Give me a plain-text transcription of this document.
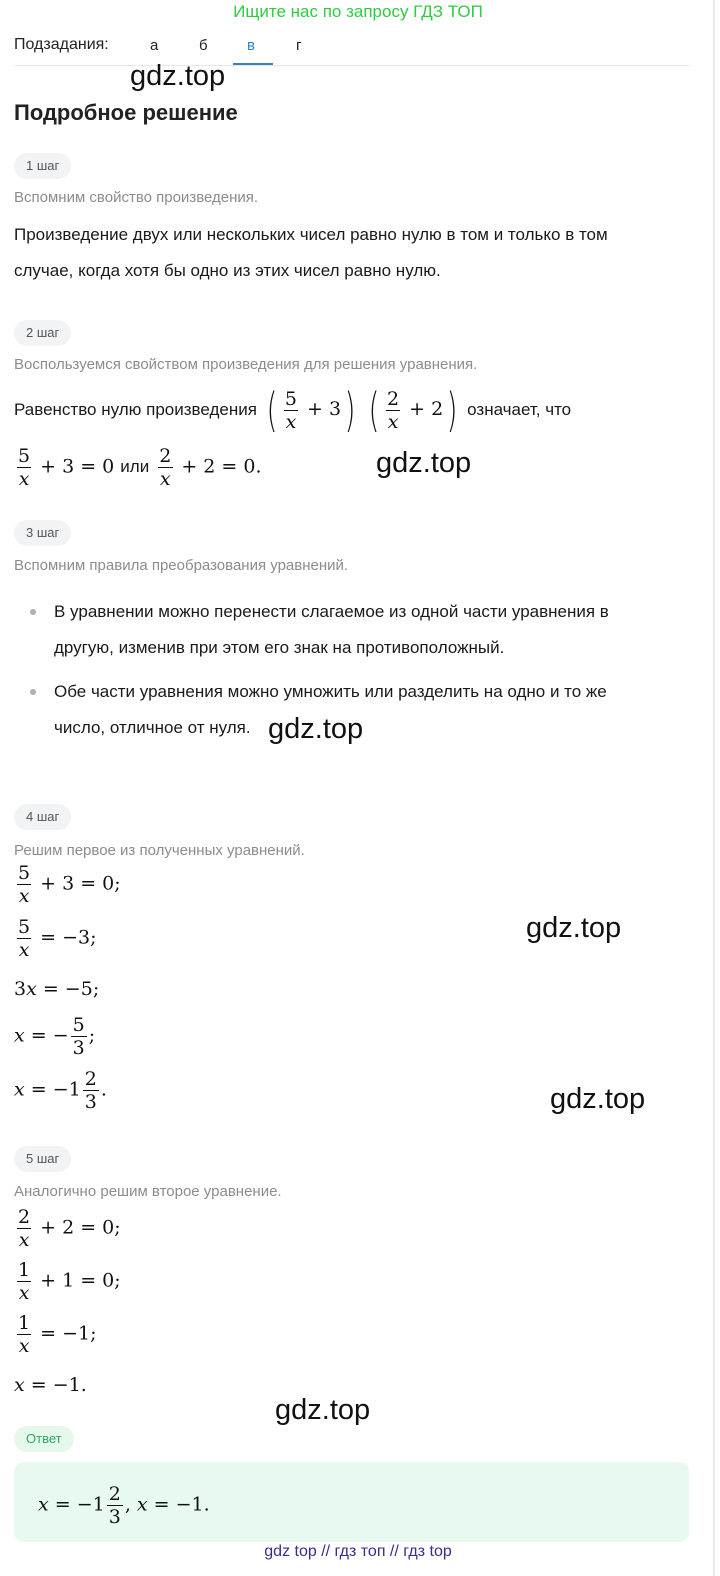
Ищите нас по запросу ГДЗ ТОП
Подзадания:	а	б	в	г
gdz.top
gdz.top
gdz.top
gdz.top
gdz.top
gdz.top
Подробное решение
1 шаг
Вспомним свойство произведения.
Произведение двух или нескольких чисел равно нулю в том и только в том
случае, когда хотя бы одно из этих чисел равно нулю.
2 шаг
Воспользуемся свойством произведения для решения уравнения.
Равенство нулю произведения ( $\frac{5}{x} + 3$) ( $\frac{2}{x} + 2$) означает, что
$\frac{5}{x} + 3 = 0$ или $\frac{2}{x} + 2 = 0$.
3 шаг
Вспомним правила преобразования уравнений.
В уравнении можно перенести слагаемое из одной части уравнения в
другую, изменив при этом его знак на противоположный.
Обе части уравнения можно умножить или разделить на одно и то же
число, отличное от нуля.
4 шаг
Решим первое из полученных уравнений.
$\frac{5}{x} + 3 = 0$;
$\frac{5}{x} = -3$;
3x = −5;
x = − $\frac{5}{3}$ ;
$x = -1 \frac{2}{3}$ .
5 шаг
Аналогично решим второе уравнение.
$\frac{2}{x} + 2 = 0$;
$\frac{1}{x} + 1 = 0$;
$\frac{1}{x} = -1$;
x = −1.
Ответ
$x = -1 \frac{2}{3}$ , x = −1.
gdz top // гдз топ // гдз top
